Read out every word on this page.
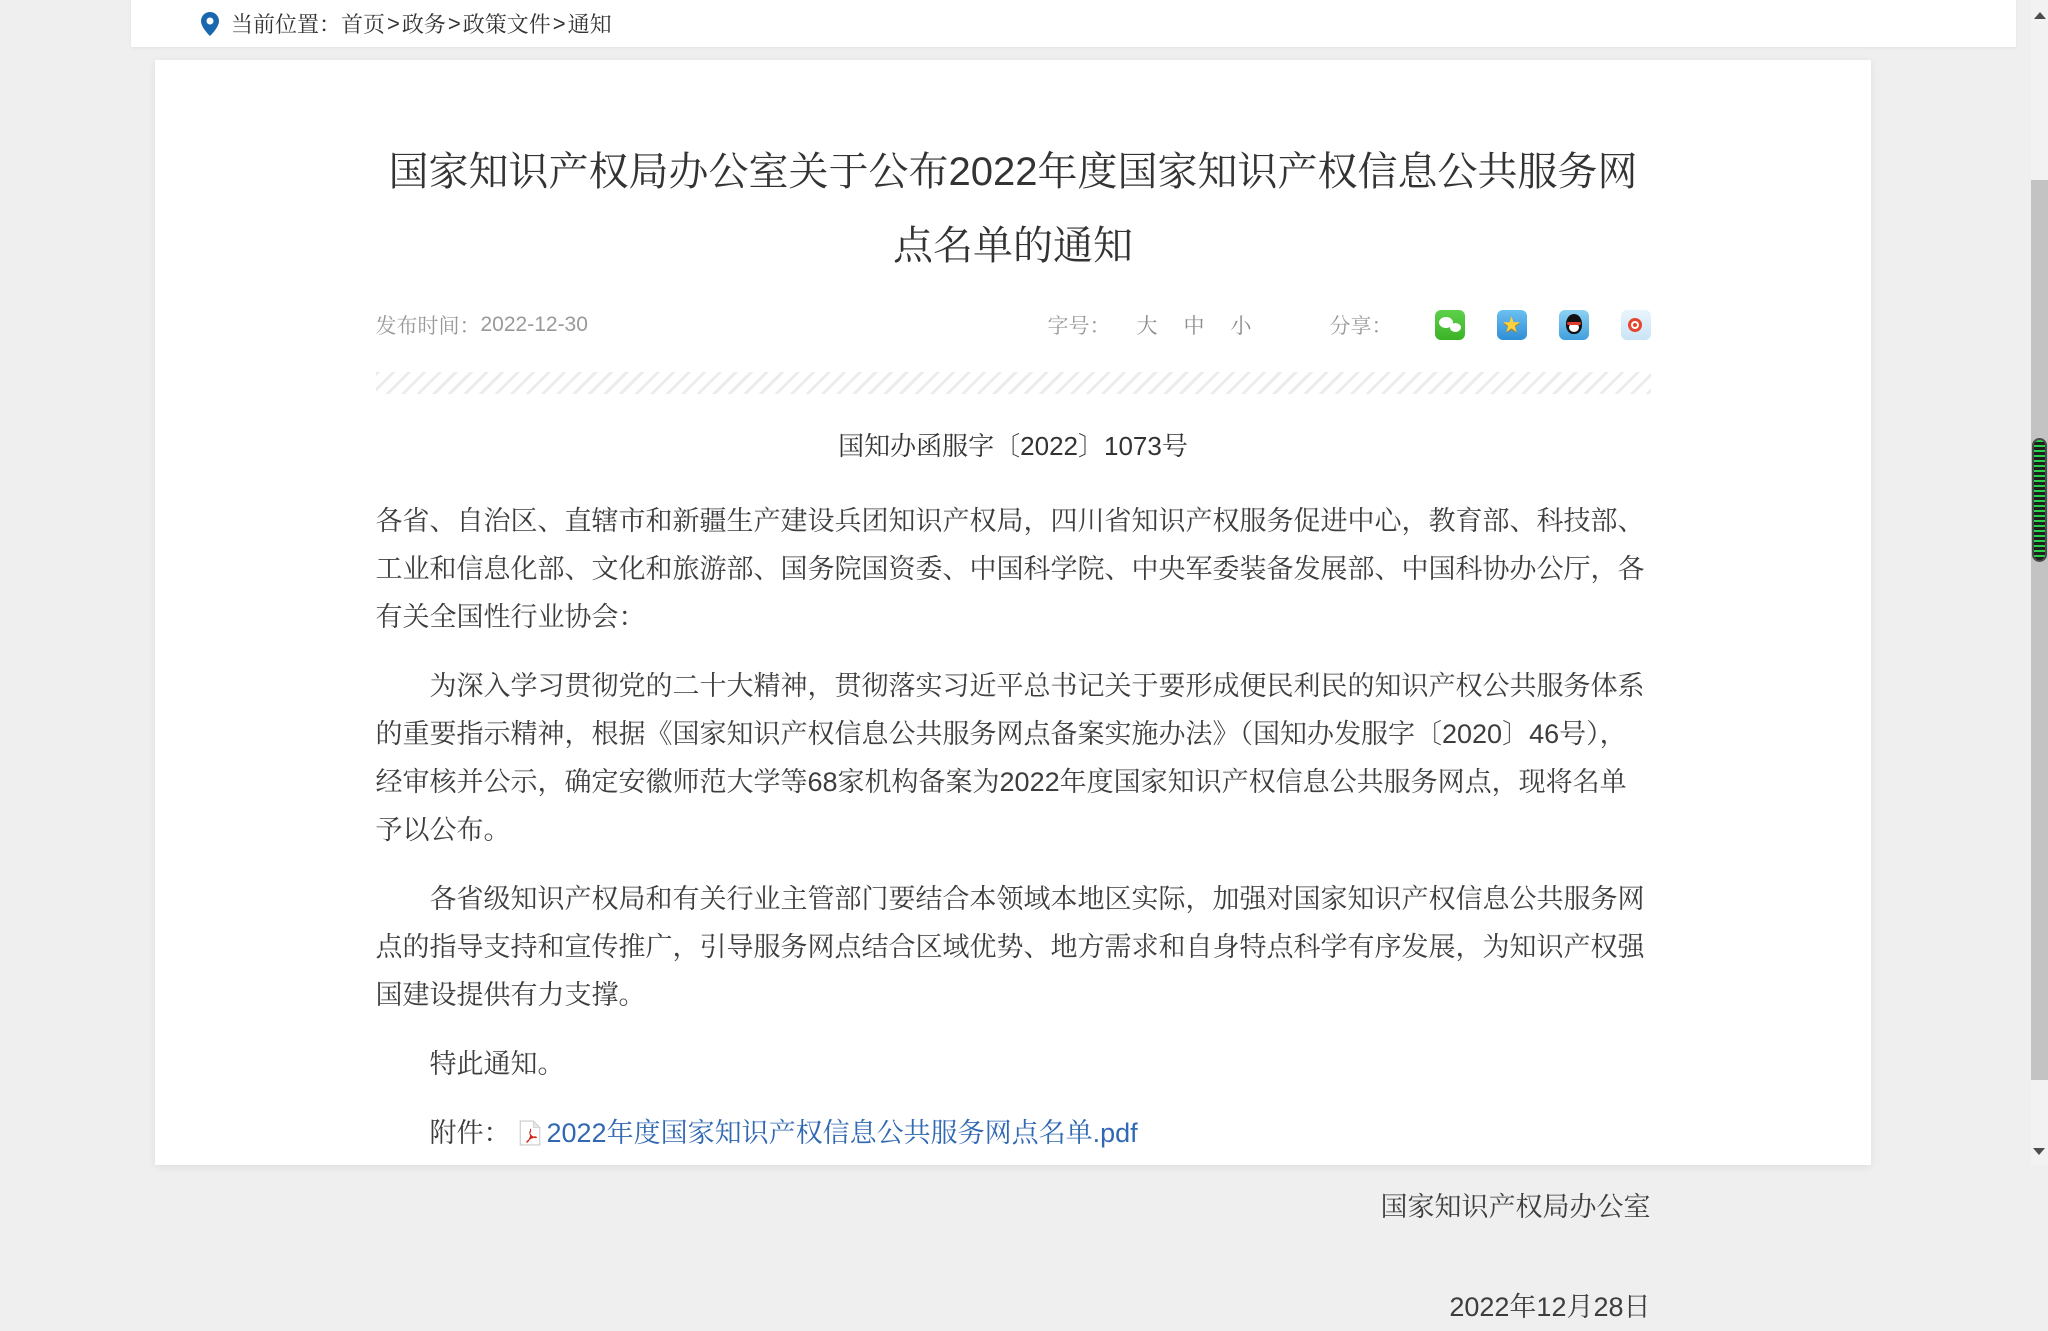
当前位置： 首页 > 政务 > 政策文件 > 通知
国家知识产权局办公室关于公布2022年度国家知识产权信息公共服务网点名单的通知
发布时间： 2022-12-30	字号： 大 中 小	分享：	★
国知办函服字〔2022〕1073号

各省、自治区、直辖市和新疆生产建设兵团知识产权局，四川省知识产权服务促进中心，教育部、科技部、工业和信息化部、文化和旅游部、国务院国资委、中国科学院、中央军委装备发展部、中国科协办公厅，各有关全国性行业协会：

为深入学习贯彻党的二十大精神，贯彻落实习近平总书记关于要形成便民利民的知识产权公共服务体系的重要指示精神，根据《国家知识产权信息公共服务网点备案实施办法》（国知办发服字〔2020〕46号），经审核并公示，确定安徽师范大学等68家机构备案为2022年度国家知识产权信息公共服务网点，现将名单予以公布。

各省级知识产权局和有关行业主管部门要结合本领域本地区实际，加强对国家知识产权信息公共服务网点的指导支持和宣传推广，引导服务网点结合区域优势、地方需求和自身特点科学有序发展，为知识产权强国建设提供有力支撑。

特此通知。

附件： 2022年度国家知识产权信息公共服务网点名单.pdf
国家知识产权局办公室
2022年12月28日
